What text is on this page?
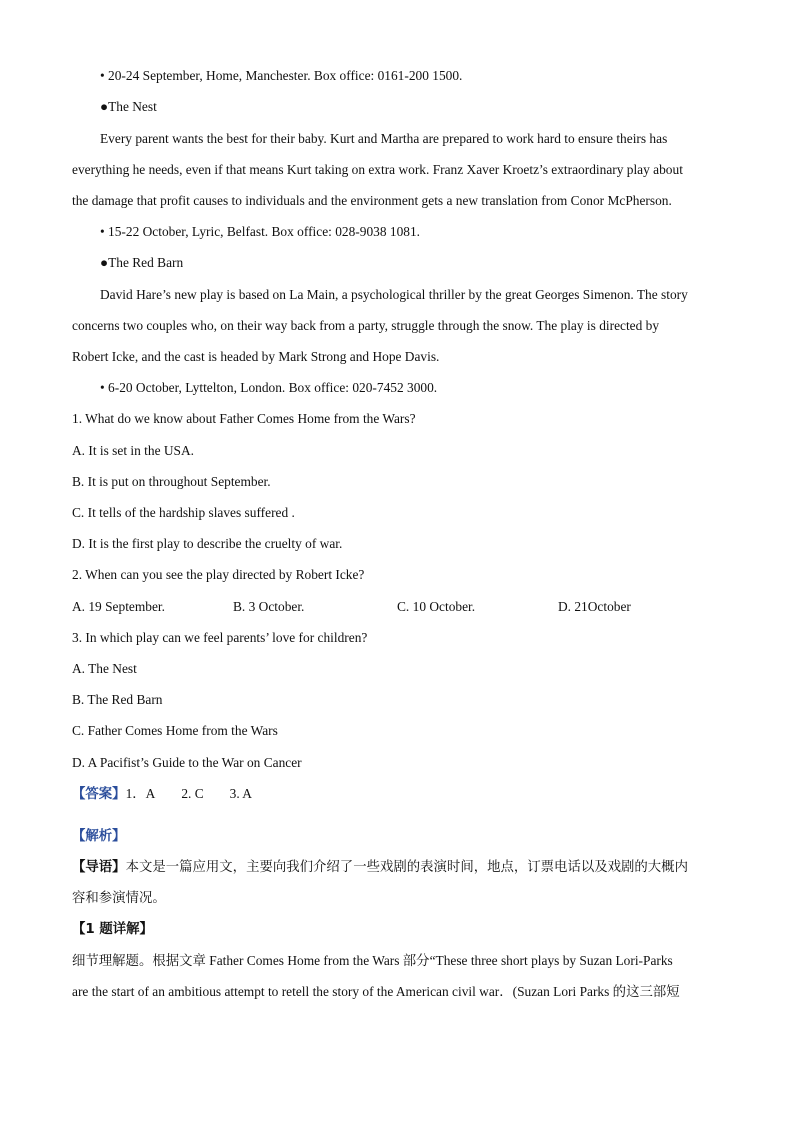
• 20-24 September, Home, Manchester. Box office: 0161-200 1500.
●The Nest
Every parent wants the best for their baby. Kurt and Martha are prepared to work hard to ensure theirs has
everything he needs, even if that means Kurt taking on extra work. Franz Xaver Kroetz’s extraordinary play about
the damage that profit causes to individuals and the environment gets a new translation from Conor McPherson.
• 15-22 October, Lyric, Belfast. Box office: 028-9038 1081.
●The Red Barn
David Hare’s new play is based on La Main, a psychological thriller by the great Georges Simenon. The story
concerns two couples who, on their way back from a party, struggle through the snow. The play is directed by
Robert Icke, and the cast is headed by Mark Strong and Hope Davis.
• 6-20 October, Lyttelton, London. Box office: 020-7452 3000.
1. What do we know about Father Comes Home from the Wars?
A. It is set in the USA.
B. It is put on throughout September.
C. It tells of the hardship slaves suffered .
D. It is the first play to describe the cruelty of war.
2. When can you see the play directed by Robert Icke?
A. 19 September.	B. 3 October.	C. 10 October.	D. 21October
3. In which play can we feel parents’ love for children?
A. The Nest
B. The Red Barn
C. Father Comes Home from the Wars
D. A Pacifist’s Guide to the War on Cancer
【答案】1．A 2. C 3. A
【解析】
【导语】本文是一篇应用文，主要向我们介绍了一些戏剧的表演时间，地点，订票电话以及戏剧的大概内
容和参演情况。
【1 题详解】
细节理解题。根据文章 Father Comes Home from the Wars 部分“These three short plays by Suzan Lori-Parks
are the start of an ambitious attempt to retell the story of the American civil war．(Suzan Lori Parks 的这三部短
